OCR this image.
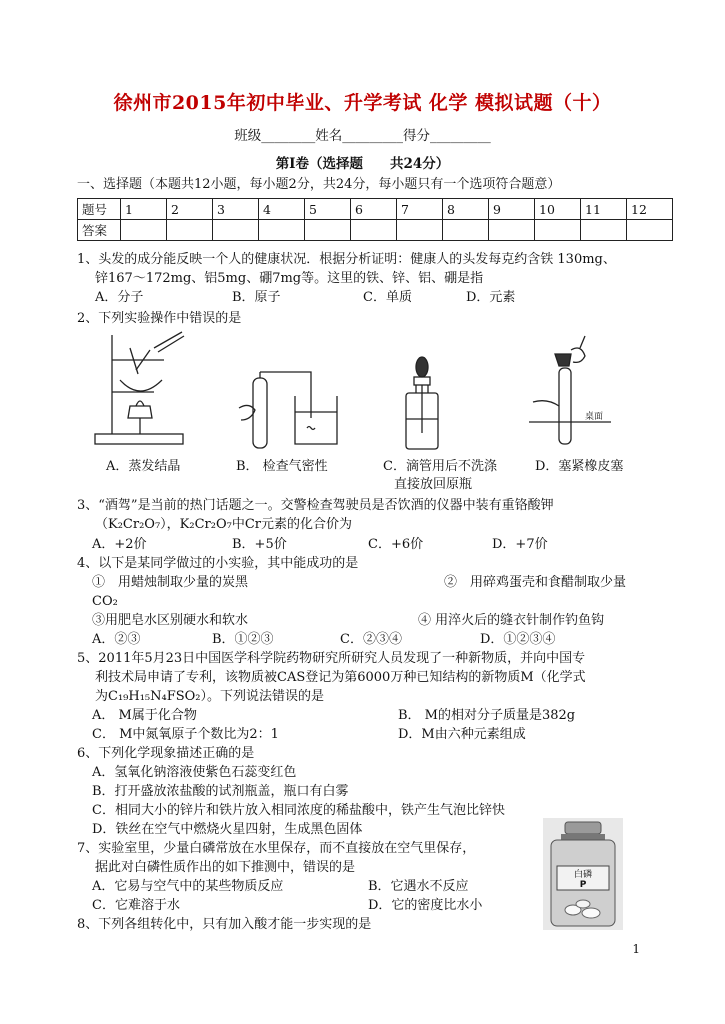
徐州市2015年初中毕业、升学考试 化学 模拟试题（十）
班级________姓名_________得分_________
第Ⅰ卷（选择题　　共24分）
一、选择题（本题共12小题，每小题2分，共24分，每小题只有一个选项符合题意）
题号	1	2	3	4	5	6	7	8	9	10	11	12
答案												
1、头发的成分能反映一个人的健康状况．根据分析证明：健康人的头发每克约含铁 130mg、
锌167～172mg、铝5mg、硼7mg等。这里的铁、锌、铝、硼是指
A．分子	B．原子	C．单质	D．元素
2、下列实验操作中错误的是
桌面
A．蒸发结晶	B． 检查气密性	C．滴管用后不洗涤
直接放回原瓶
D．塞紧橡皮塞
3、“酒驾”是当前的热门话题之一。交警检查驾驶员是否饮酒的仪器中装有重铬酸钾
（K₂Cr₂O₇），K₂Cr₂O₇中Cr元素的化合价为
A．+2价	B．+5价	C．+6价	D．+7价
4、以下是某同学做过的小实验，其中能成功的是
①　用蜡烛制取少量的炭黑	②　用碎鸡蛋壳和食醋制取少量
CO₂
③用肥皂水区别硬水和软水	④ 用淬火后的缝衣针制作钓鱼钩
A．②③	B．①②③	C．②③④	D．①②③④
5、2011年5月23日中国医学科学院药物研究所研究人员发现了一种新物质，并向中国专
利技术局申请了专利，该物质被CAS登记为第6000万种已知结构的新物质M（化学式
为C₁₉H₁₅N₄FSO₂）。下列说法错误的是
A． M属于化合物	B． M的相对分子质量是382g
C． M中氮氧原子个数比为2：1	D．M由六种元素组成
6、下列化学现象描述正确的是
A．氢氧化钠溶液使紫色石蕊变红色
B．打开盛放浓盐酸的试剂瓶盖，瓶口有白雾
C．相同大小的锌片和铁片放入相同浓度的稀盐酸中，铁产生气泡比锌快
D．铁丝在空气中燃烧火星四射，生成黑色固体
7、实验室里，少量白磷常放在水里保存，而不直接放在空气里保存，
据此对白磷性质作出的如下推测中，错误的是
A．它易与空气中的某些物质反应	B．它遇水不反应
C．它难溶于水	D．它的密度比水小
白磷
P
8、下列各组转化中，只有加入酸才能一步实现的是
1
